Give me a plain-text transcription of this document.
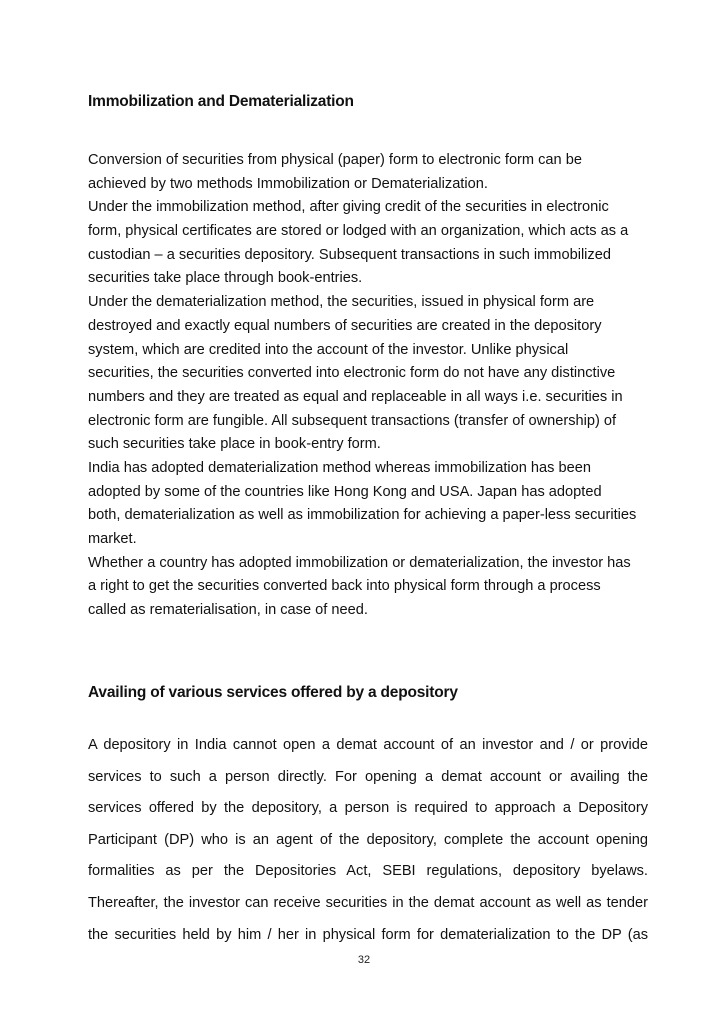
Immobilization and Dematerialization
Conversion of securities from physical (paper) form to electronic form can be
achieved by two methods Immobilization or Dematerialization.
Under the immobilization method, after giving credit of the securities in electronic
form, physical certificates are stored or lodged with an organization, which acts as a
custodian – a securities depository. Subsequent transactions in such immobilized
securities take place through book-entries.
Under the dematerialization method, the securities, issued in physical form are
destroyed and exactly equal numbers of securities are created in the depository
system, which are credited into the account of the investor. Unlike physical
securities, the securities converted into electronic form do not have any distinctive
numbers and they are treated as equal and replaceable in all ways i.e. securities in
electronic form are fungible. All subsequent transactions (transfer of ownership) of
such securities take place in book-entry form.
India has adopted dematerialization method whereas immobilization has been
adopted by some of the countries like Hong Kong and USA. Japan has adopted
both, dematerialization as well as immobilization for achieving a paper-less securities
market.
Whether a country has adopted immobilization or dematerialization, the investor has
a right to get the securities converted back into physical form through a process
called as rematerialisation, in case of need.
Availing of various services offered by a depository
A depository in India cannot open a demat account of an investor and / or provide
services to such a person directly. For opening a demat account or availing the
services offered by the depository, a person is required to approach a Depository
Participant (DP) who is an agent of the depository, complete the account opening
formalities as per the Depositories Act, SEBI regulations, depository byelaws.
Thereafter, the investor can receive securities in the demat account as well as tender
the securities held by him / her in physical form for dematerialization to the DP (as
32
